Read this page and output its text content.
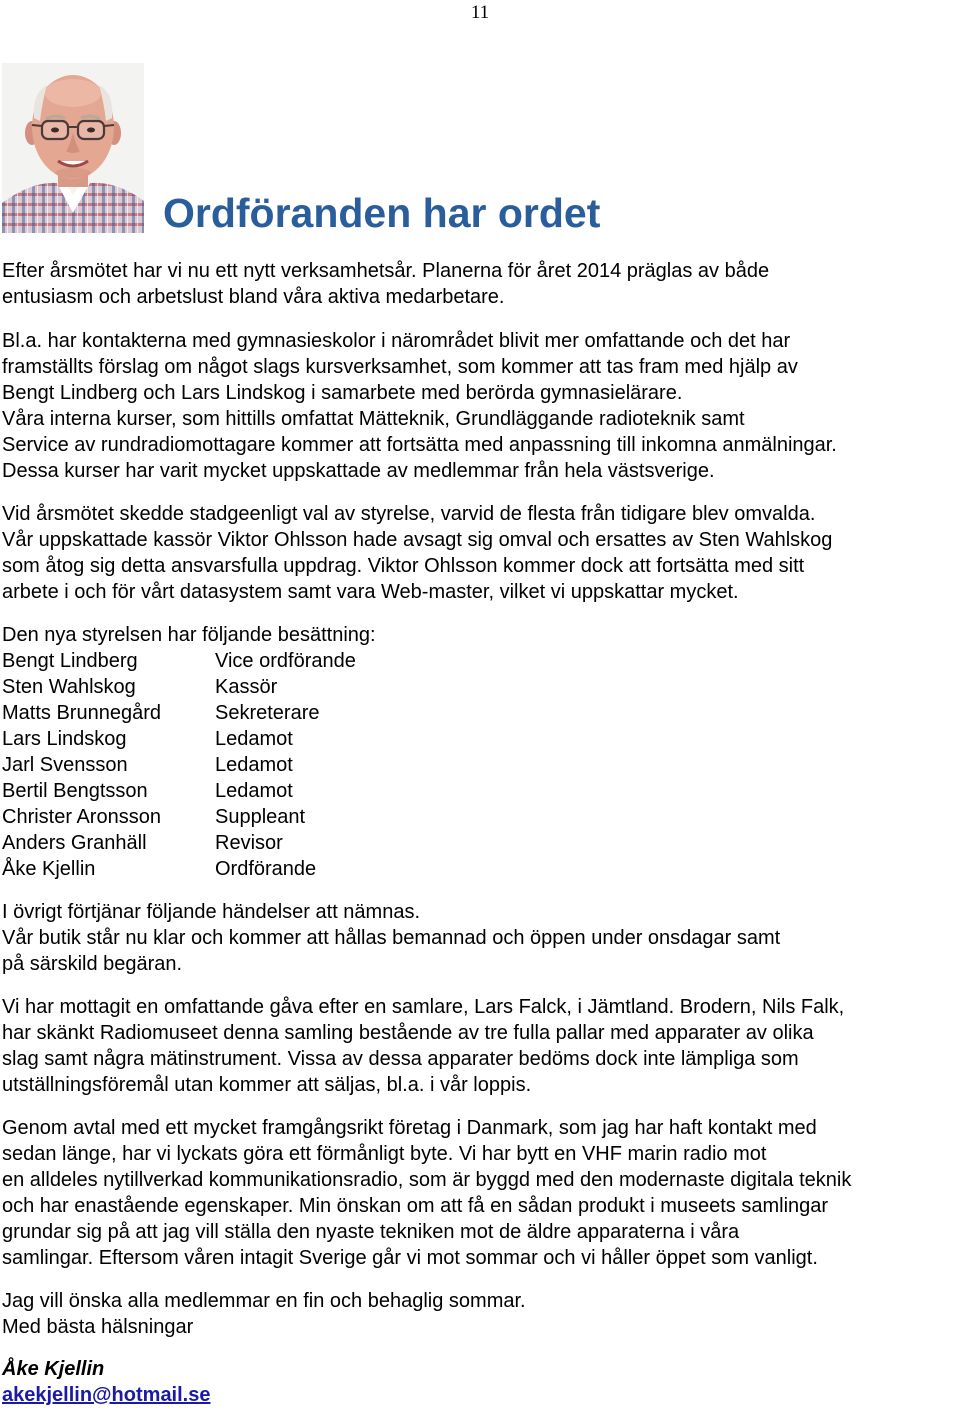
11
Ordföranden har ordet
Efter årsmötet har vi nu ett nytt verksamhetsår. Planerna för året 2014 präglas av både
entusiasm och arbetslust bland våra aktiva medarbetare.
Bl.a. har kontakterna med gymnasieskolor i närområdet blivit mer omfattande och det har
framställts förslag om något slags kursverksamhet, som kommer att tas fram med hjälp av
Bengt Lindberg och Lars Lindskog i samarbete med berörda gymnasielärare.
Våra interna kurser, som hittills omfattat Mätteknik, Grundläggande radioteknik samt
Service av rundradiomottagare kommer att fortsätta med anpassning till inkomna anmälningar.
Dessa kurser har varit mycket uppskattade av medlemmar från hela västsverige.
Vid årsmötet skedde stadgeenligt val av styrelse, varvid de flesta från tidigare blev omvalda.
Vår uppskattade kassör Viktor Ohlsson hade avsagt sig omval och ersattes av Sten Wahlskog
som åtog sig detta ansvarsfulla uppdrag. Viktor Ohlsson kommer dock att fortsätta med sitt
arbete i och för vårt datasystem samt vara Web-master, vilket vi uppskattar mycket.
Den nya styrelsen har följande besättning:
Bengt Lindberg	Vice ordförande
Sten Wahlskog	Kassör
Matts Brunnegård	Sekreterare
Lars Lindskog	Ledamot
Jarl Svensson	Ledamot
Bertil Bengtsson	Ledamot
Christer Aronsson	Suppleant
Anders Granhäll	Revisor
Åke Kjellin	Ordförande
I övrigt förtjänar följande händelser att nämnas.
Vår butik står nu klar och kommer att hållas bemannad och öppen under onsdagar samt
på särskild begäran.
Vi har mottagit en omfattande gåva efter en samlare, Lars Falck, i Jämtland. Brodern, Nils Falk,
har skänkt Radiomuseet denna samling bestående av tre fulla pallar med apparater av olika
slag samt några mätinstrument. Vissa av dessa apparater bedöms dock inte lämpliga som
utställningsföremål utan kommer att säljas, bl.a. i vår loppis.
Genom avtal med ett mycket framgångsrikt företag i Danmark, som jag har haft kontakt med
sedan länge, har vi lyckats göra ett förmånligt byte. Vi har bytt en VHF marin radio mot
en alldeles nytillverkad kommunikationsradio, som är byggd med den modernaste digitala teknik
och har enastående egenskaper. Min önskan om att få en sådan produkt i museets samlingar
grundar sig på att jag vill ställa den nyaste tekniken mot de äldre apparaterna i våra
samlingar. Eftersom våren intagit Sverige går vi mot sommar och vi håller öppet som vanligt.
Jag vill önska alla medlemmar en fin och behaglig sommar.
Med bästa hälsningar
Åke Kjellin
akekjellin@hotmail.se
